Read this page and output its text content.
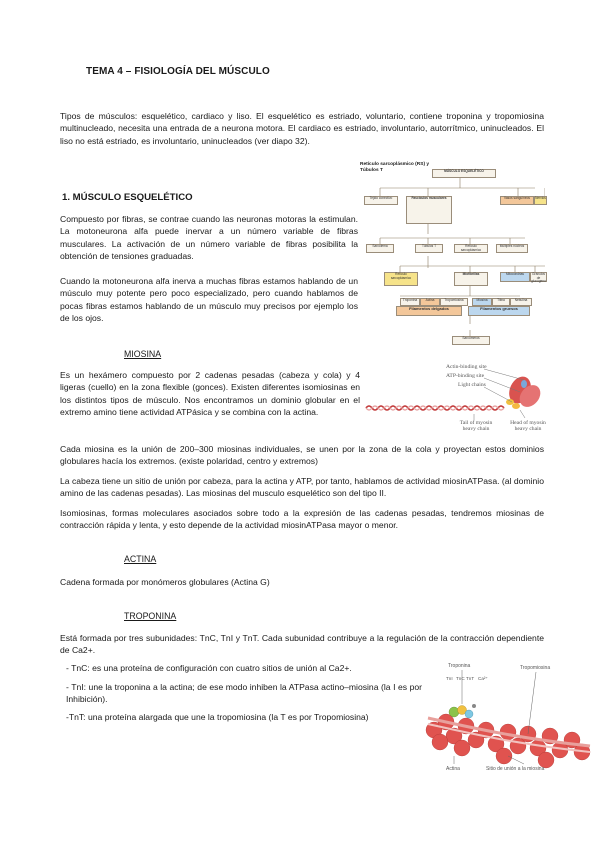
TEMA 4 – FISIOLOGÍA DEL MÚSCULO
Tipos de músculos: esquelético, cardiaco y liso. El esquelético es estriado, voluntario, contiene troponina y tropomiosina multinucleado, necesita una entrada de a neurona motora. El cardiaco es estriado, involuntario, autorrítmico, uninucleados. El liso no está estriado, es involuntario, uninucleados (ver diapo 32).
1. MÚSCULO ESQUELÉTICO
Compuesto por fibras, se contrae cuando las neuronas motoras la estimulan. La motoneurona alfa puede inervar a un número variable de fibras musculares. La activación de un número variable de fibras posibilita la obtención de tensiones graduadas.
Cuando la motoneurona alfa inerva a muchas fibras estamos hablando de un músculo muy potente pero poco especializado, pero cuando hablamos de pocas fibras estamos hablando de un músculo muy precisos por ejemplo los de los ojos.
Retículo sarcoplásmico (RS) y Túbulos T	MÚSCULO ESQUELÉTICO
Tejido conectivo	Fascículos musculares	Vasos sanguíneos	Nervios
Sarcolema	Túbulos T	Retículo sarcoplásmico
Múltiples núcleos
Retículo sarcoplásmico
Miofibrillas	Mitocondrias	Gránulos de glucógeno
Troponina	Actina	Tropomiosina	Miosina	Titina	Nebulina
Filamentos delgados	Filamentos gruesos
Sarcómeros
MIOSINA
Es un hexámero compuesto por 2 cadenas pesadas (cabeza y cola) y 4 ligeras (cuello) en la zona flexible (gonces). Existen diferentes isomiosinas en los distintos tipos de músculo. Nos encontramos un dominio globular en el extremo amino tiene actividad ATPásica y se combina con la actina.
Actin-binding site
ATP-binding site
Light chains
Tail of myosin heavy chain
Head of myosin heavy chain
Cada miosina es la unión de 200–300 miosinas individuales, se unen por la zona de la cola y proyectan estos dominios globulares hacía los extremos. (existe polaridad, centro y extremos)
La cabeza tiene un sitio de unión por cabeza, para la actina y ATP, por tanto, hablamos de actividad miosinATPasa. (al dominio amino de las cadenas pesadas). Las miosinas del musculo esquelético son del tipo II.
Isomiosinas, formas moleculares asociados sobre todo a la expresión de las cadenas pesadas, tendremos miosinas de contracción rápida y lenta, y esto depende de la actividad miosinATPasa mayor o menor.
ACTINA
Cadena formada por monómeros globulares (Actina G)
TROPONINA
Está formada por tres subunidades: TnC, TnI y TnT. Cada subunidad contribuye a la regulación de la contracción dependiente de Ca2+.
- TnC: es una proteína de configuración con cuatro sitios de unión al Ca2+.
- TnI: une la troponina a la actina; de ese modo inhiben la ATPasa actino–miosina (la I es por Inhibición).
-TnT: una proteína alargada que une la tropomiosina (la T es por Tropomiosina)
Troponina	Tropomiosina
TnI TnC TnT Ca²⁺
Actina	Sitio de unión a la miosina
